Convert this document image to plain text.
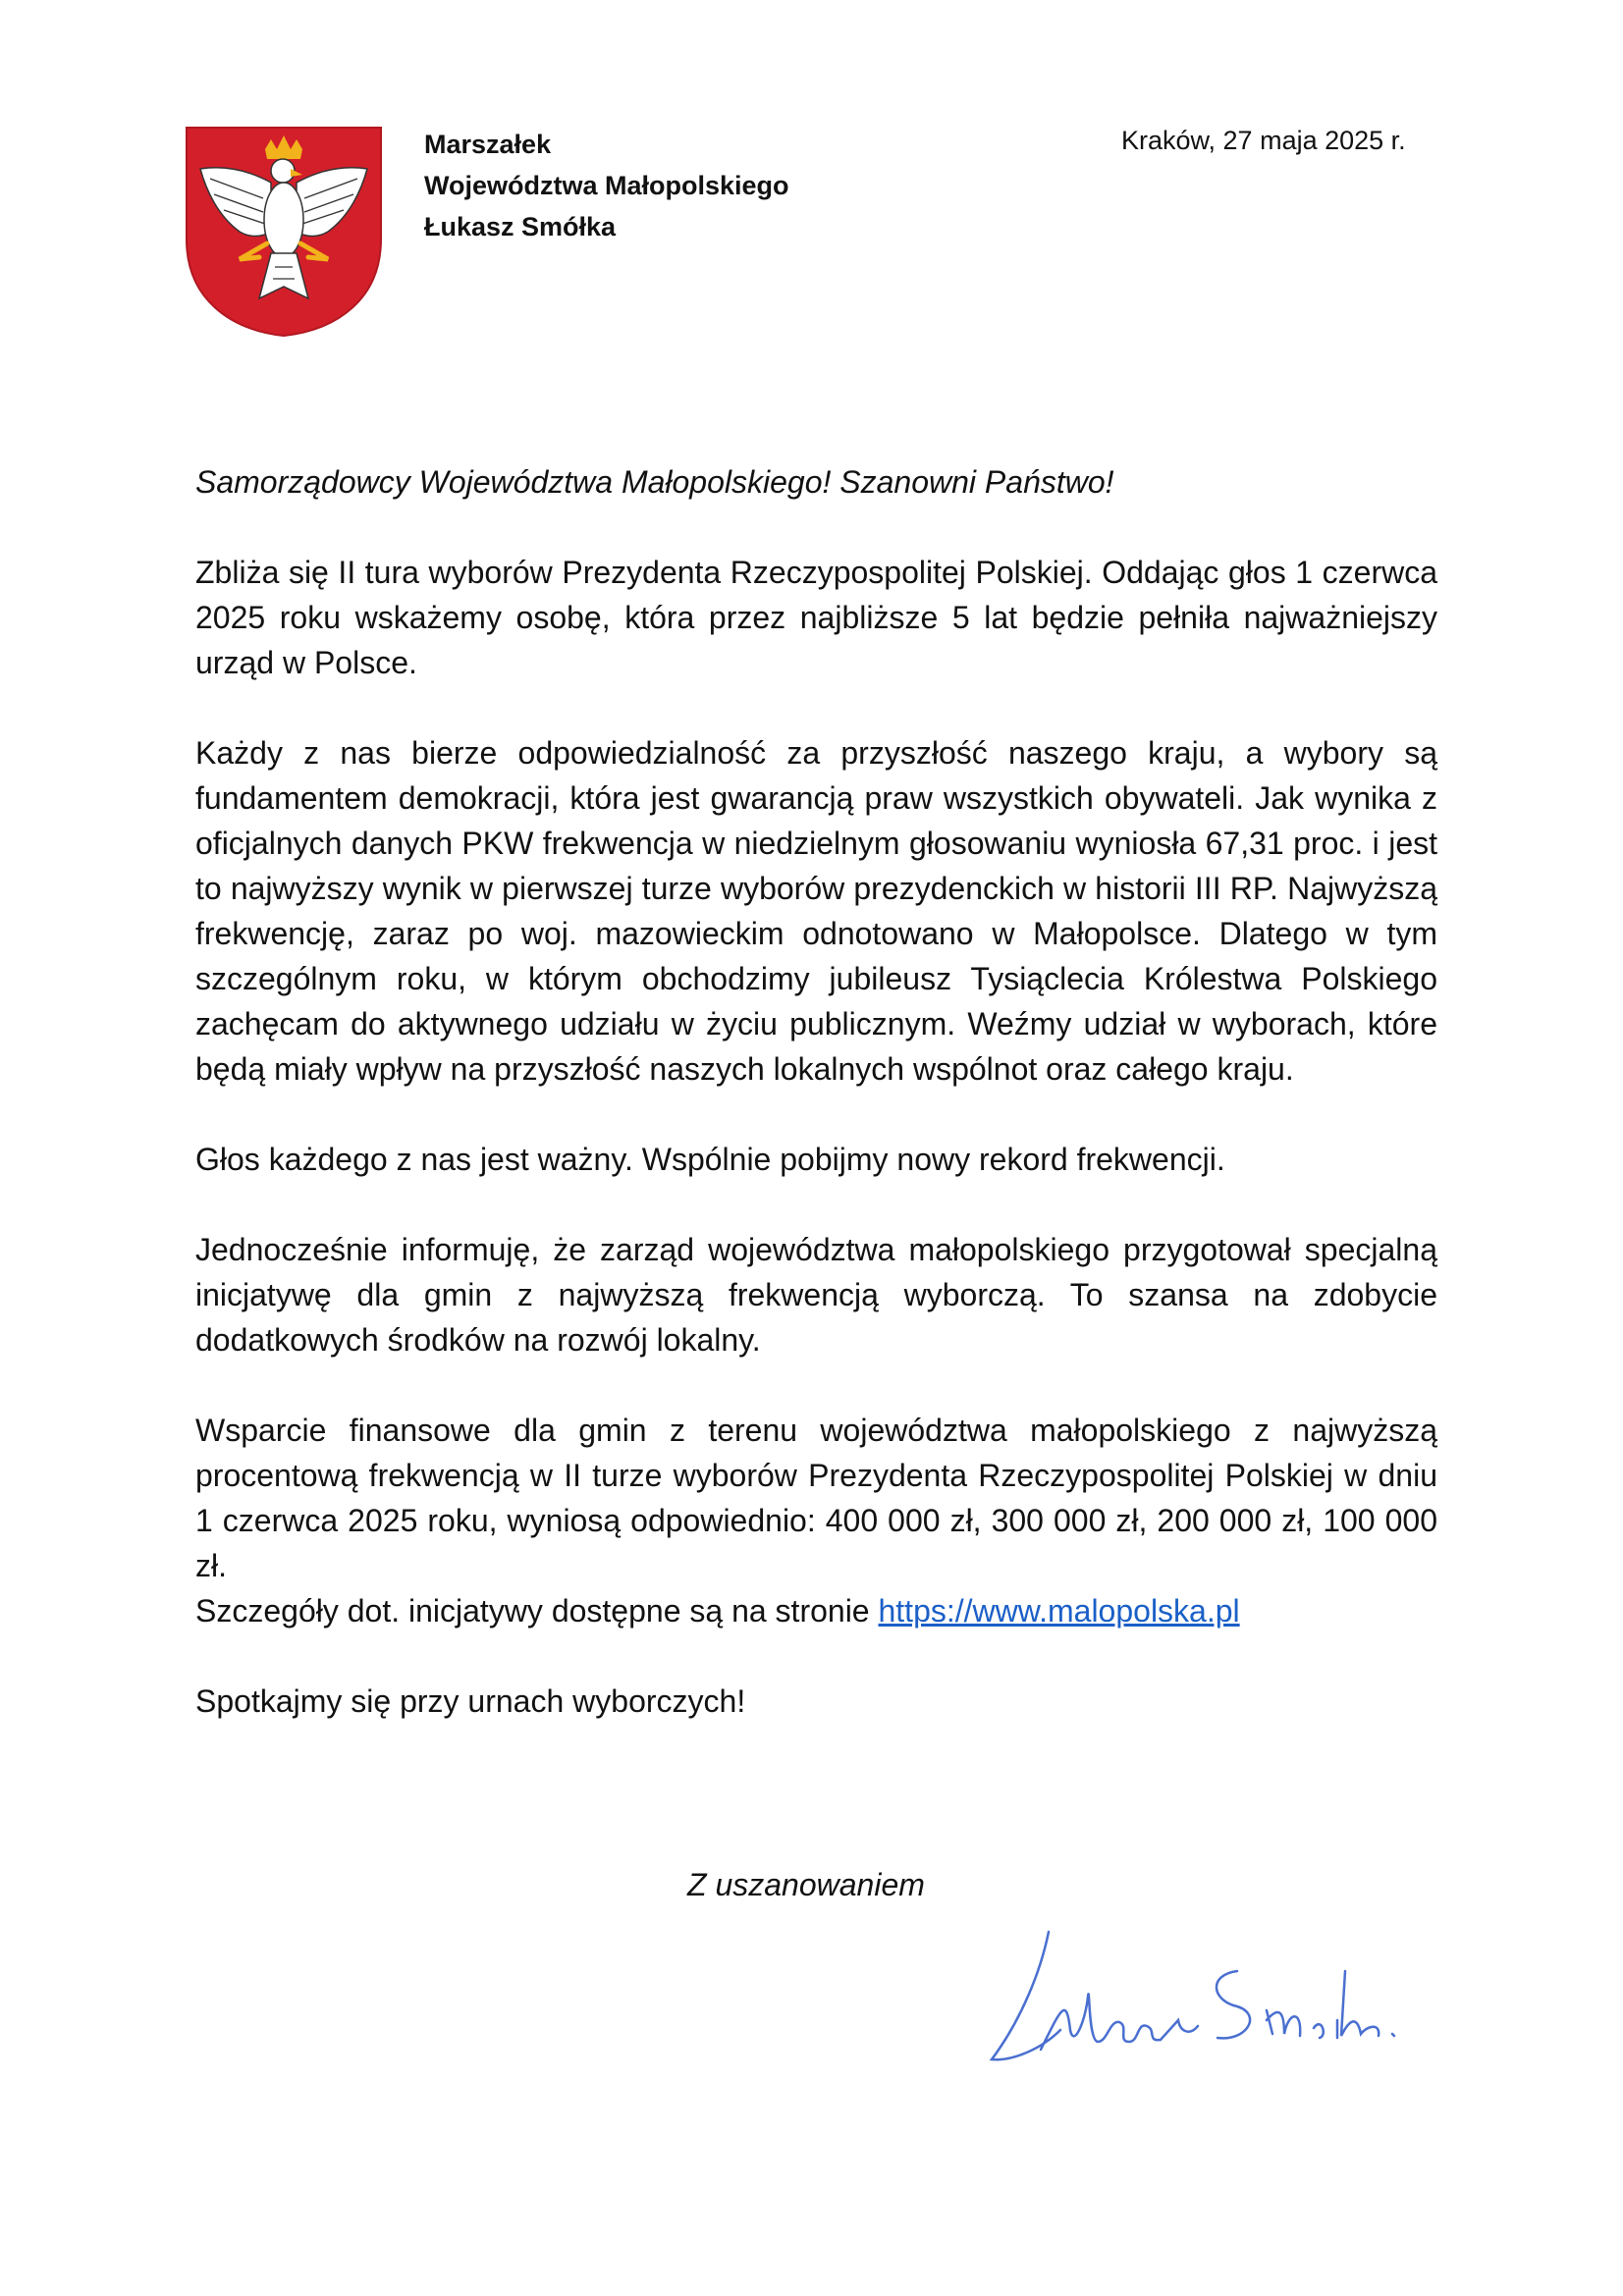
Marszałek
Województwa Małopolskiego
Łukasz Smółka
Kraków, 27 maja 2025 r.

Samorządowcy Województwa Małopolskiego! Szanowni Państwo!

Zbliża się II tura wyborów Prezydenta Rzeczypospolitej Polskiej. Oddając głos 1 czerwca 2025 roku wskażemy osobę, która przez najbliższe 5 lat będzie pełniła najważniejszy urząd w Polsce.

Każdy z nas bierze odpowiedzialność za przyszłość naszego kraju, a wybory są fundamentem demokracji, która jest gwarancją praw wszystkich obywateli. Jak wynika z oficjalnych danych PKW frekwencja w niedzielnym głosowaniu wyniosła 67,31 proc. i jest to najwyższy wynik w pierwszej turze wyborów prezydenckich w historii III RP. Najwyższą frekwencję, zaraz po woj. mazowieckim odnotowano w Małopolsce. Dlatego w tym szczególnym roku, w którym obchodzimy jubileusz Tysiąclecia Królestwa Polskiego zachęcam do aktywnego udziału w życiu publicznym. Weźmy udział w wyborach, które będą miały wpływ na przyszłość naszych lokalnych wspólnot oraz całego kraju.

Głos każdego z nas jest ważny. Wspólnie pobijmy nowy rekord frekwencji.

Jednocześnie informuję, że zarząd województwa małopolskiego przygotował specjalną inicjatywę dla gmin z najwyższą frekwencją wyborczą. To szansa na zdobycie dodatkowych środków na rozwój lokalny.

Wsparcie finansowe dla gmin z terenu województwa małopolskiego z najwyższą procentową frekwencją w II turze wyborów Prezydenta Rzeczypospolitej Polskiej w dniu 1 czerwca 2025 roku, wyniosą odpowiednio: 400 000 zł, 300 000 zł, 200 000 zł, 100 000 zł.

Szczegóły dot. inicjatywy dostępne są na stronie https://www.malopolska.pl

Spotkajmy się przy urnach wyborczych!

Z uszanowaniem
